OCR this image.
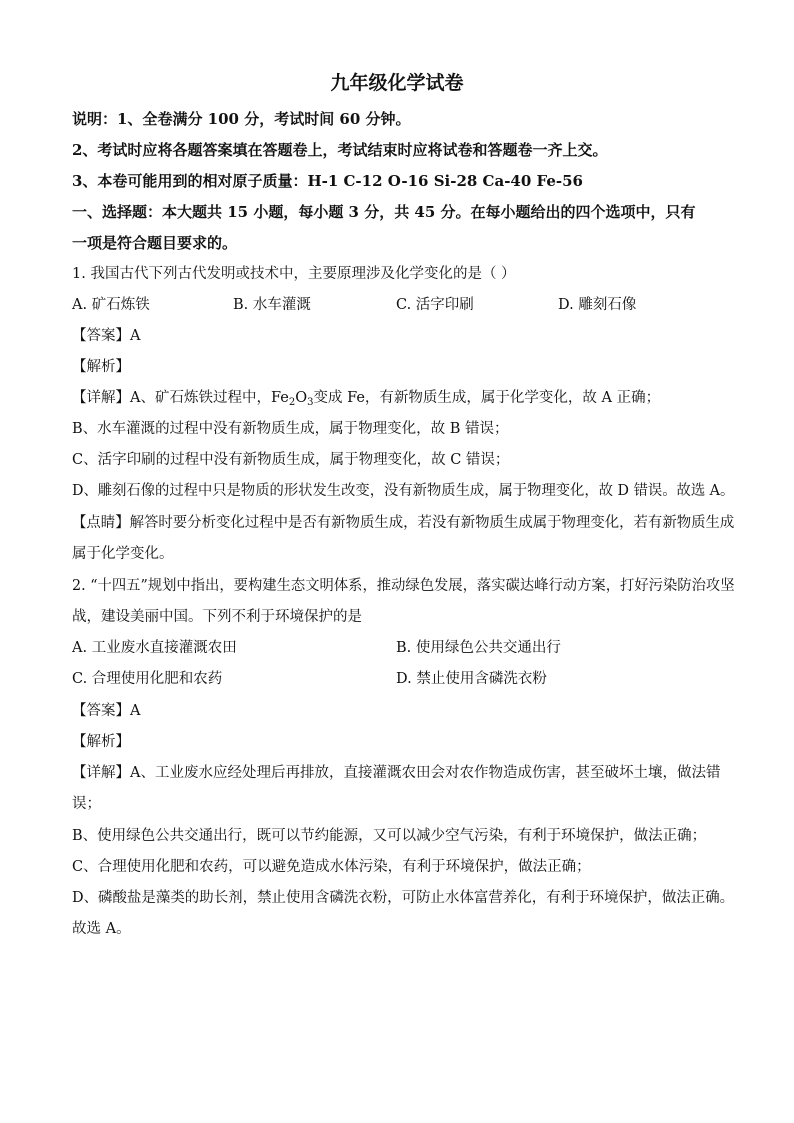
九年级化学试卷
说明：1、全卷满分 100 分，考试时间 60 分钟。
2、考试时应将各题答案填在答题卷上，考试结束时应将试卷和答题卷一齐上交。
3、本卷可能用到的相对原子质量：H-1 C-12 O-16 Si-28 Ca-40 Fe-56
一、选择题：本大题共 15 小题，每小题 3 分，共 45 分。在每小题给出的四个选项中，只有
一项是符合题目要求的。
1. 我国古代下列古代发明或技术中，主要原理涉及化学变化的是（ ）
A. 矿石炼铁	B. 水车灌溉	C. 活字印刷	D. 雕刻石像
【答案】A
【解析】
【详解】A、矿石炼铁过程中，$Fe_2O_3$变成 Fe，有新物质生成，属于化学变化，故 A 正确；
B、水车灌溉的过程中没有新物质生成，属于物理变化，故 B 错误；
C、活字印刷的过程中没有新物质生成，属于物理变化，故 C 错误；
D、雕刻石像的过程中只是物质的形状发生改变，没有新物质生成，属于物理变化，故 D 错误。故选 A。
【点睛】解答时要分析变化过程中是否有新物质生成，若没有新物质生成属于物理变化，若有新物质生成
属于化学变化。
2. “十四五”规划中指出，要构建生态文明体系，推动绿色发展，落实碳达峰行动方案，打好污染防治攻坚
战，建设美丽中国。下列不利于环境保护的是
A. 工业废水直接灌溉农田	B. 使用绿色公共交通出行
C. 合理使用化肥和农药	D. 禁止使用含磷洗衣粉
【答案】A
【解析】
【详解】A、工业废水应经处理后再排放，直接灌溉农田会对农作物造成伤害，甚至破坏土壤，做法错
误；
B、使用绿色公共交通出行，既可以节约能源，又可以减少空气污染，有利于环境保护，做法正确；
C、合理使用化肥和农药，可以避免造成水体污染，有利于环境保护，做法正确；
D、磷酸盐是藻类的助长剂，禁止使用含磷洗衣粉，可防止水体富营养化，有利于环境保护，做法正确。
故选 A。
